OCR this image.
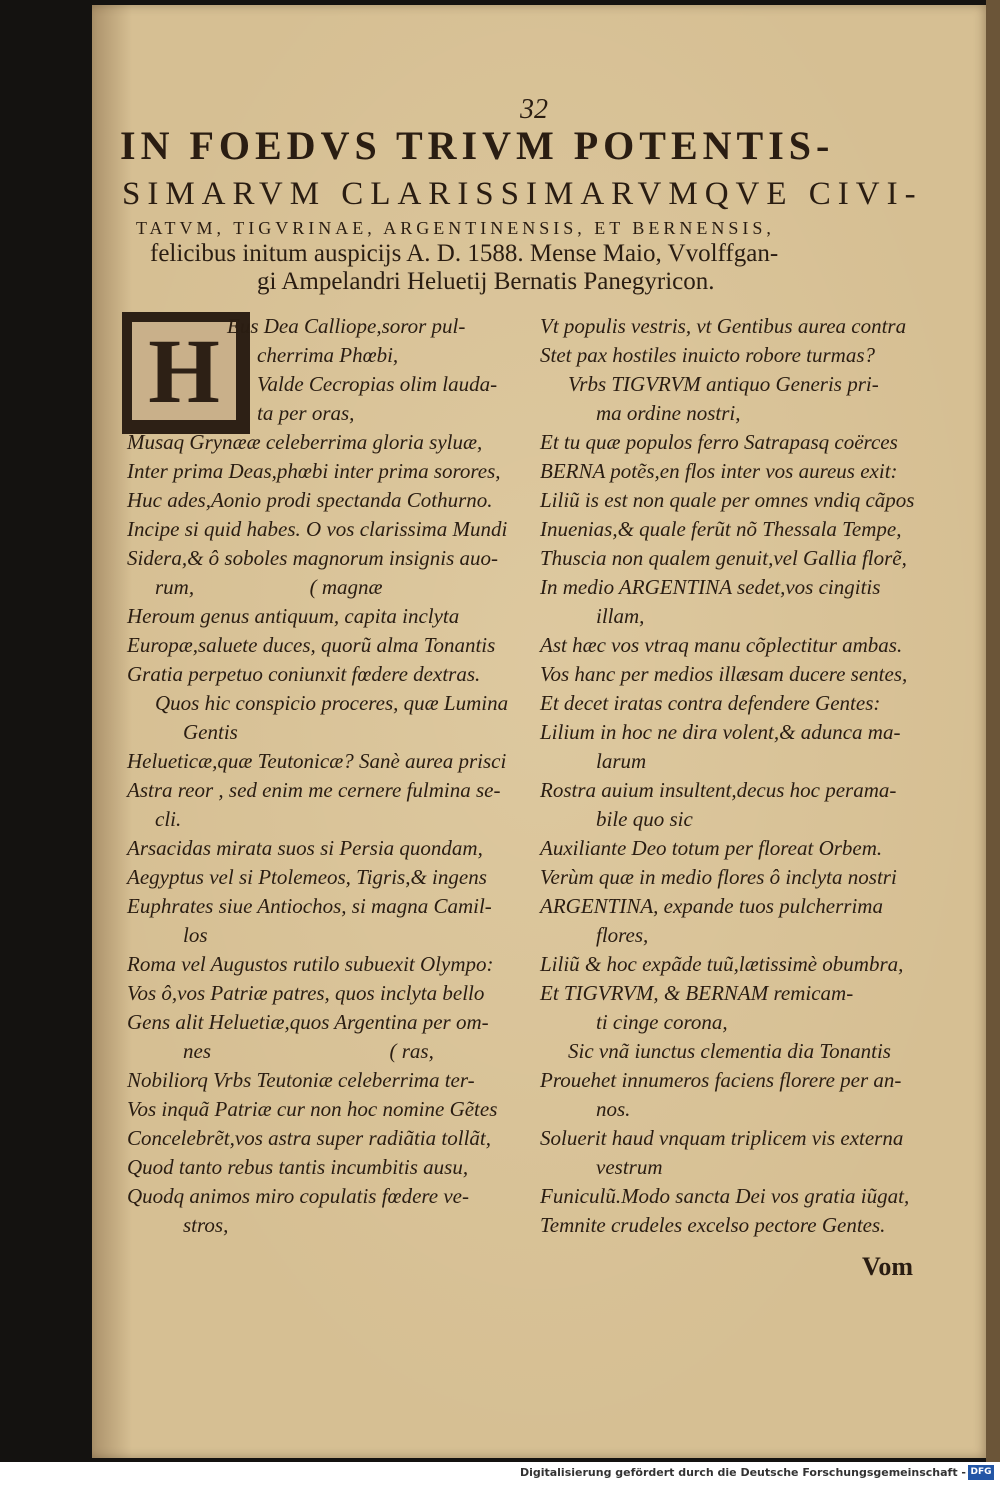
32
IN FOEDVS TRIVM POTENTIS-
SIMARVM CLARISSIMARVMQVE CIVI-
TATVM, TIGVRINAE, ARGENTINENSIS, ET BERNENSIS,
felicibus initum auspicijs A. D. 1588. Mense Maio, Vvolffgan-
gi Ampelandri Heluetij Bernatis Panegyricon.
H Eus Dea Calliope,soror pul-
cherrima Phœbi,
Valde Cecropias olim lauda-
ta per oras,
Musaq Grynææ celeberrima gloria syluæ,
Inter prima Deas,phœbi inter prima sorores,
Huc ades,Aonio prodi spectanda Cothurno.
Incipe si quid habes. O vos clarissima Mundi
Sidera,& ô soboles magnorum insignis auo-
rum,                      ( magnæ
Heroum genus antiquum, capita inclyta
Europæ,saluete duces, quorũ alma Tonantis
Gratia perpetuo coniunxit fœdere dextras.
Quos hic conspicio proceres, quæ Lumina
Gentis
Helueticæ,quæ Teutonicæ? Sanè aurea prisci
Astra reor , sed enim me cernere fulmina se-
cli.
Arsacidas mirata suos si Persia quondam,
Aegyptus vel si Ptolemeos, Tigris,& ingens
Euphrates siue Antiochos, si magna Camil-
los
Roma vel Augustos rutilo subuexit Olympo:
Vos ô,vos Patriæ patres, quos inclyta bello
Gens alit Heluetiæ,quos Argentina per om-
nes                                  ( ras,
Nobiliorq Vrbs Teutoniæ celeberrima ter-
Vos inquã Patriæ cur non hoc nomine Gẽtes
Concelebrẽt,vos astra super radiãtia tollãt,
Quod tanto rebus tantis incumbitis ausu,
Quodq animos miro copulatis fœdere ve-
stros,
Vt populis vestris, vt Gentibus aurea contra
Stet pax hostiles inuicto robore turmas?
Vrbs TIGVRVM antiquo Generis pri-
ma ordine nostri,
Et tu quæ populos ferro Satrapasq coërces
BERNA potẽs,en flos inter vos aureus exit:
Liliũ is est non quale per omnes vndiq cãpos
Inuenias,& quale ferũt nõ Thessala Tempe,
Thuscia non qualem genuit,vel Gallia florẽ,
In medio ARGENTINA sedet,vos cingitis
illam,
Ast hæc vos vtraq manu cõplectitur ambas.
Vos hanc per medios illæsam ducere sentes,
Et decet iratas contra defendere Gentes:
Lilium in hoc ne dira volent,& adunca ma-
larum
Rostra auium insultent,decus hoc perama-
bile quo sic
Auxiliante Deo totum per floreat Orbem.
Verùm quæ in medio flores ô inclyta nostri
ARGENTINA, expande tuos pulcherrima
flores,
Liliũ & hoc expãde tuũ,lætissimè obumbra,
Et TIGVRVM, & BERNAM remicam-
ti cinge corona,
Sic vnã iunctus clementia dia Tonantis
Prouehet innumeros faciens florere per an-
nos.
Soluerit haud vnquam triplicem vis externa
vestrum
Funiculũ.Modo sancta Dei vos gratia iũgat,
Temnite crudeles excelso pectore Gentes.
Vom
Digitalisierung gefördert durch die Deutsche Forschungsgemeinschaft - DFG
